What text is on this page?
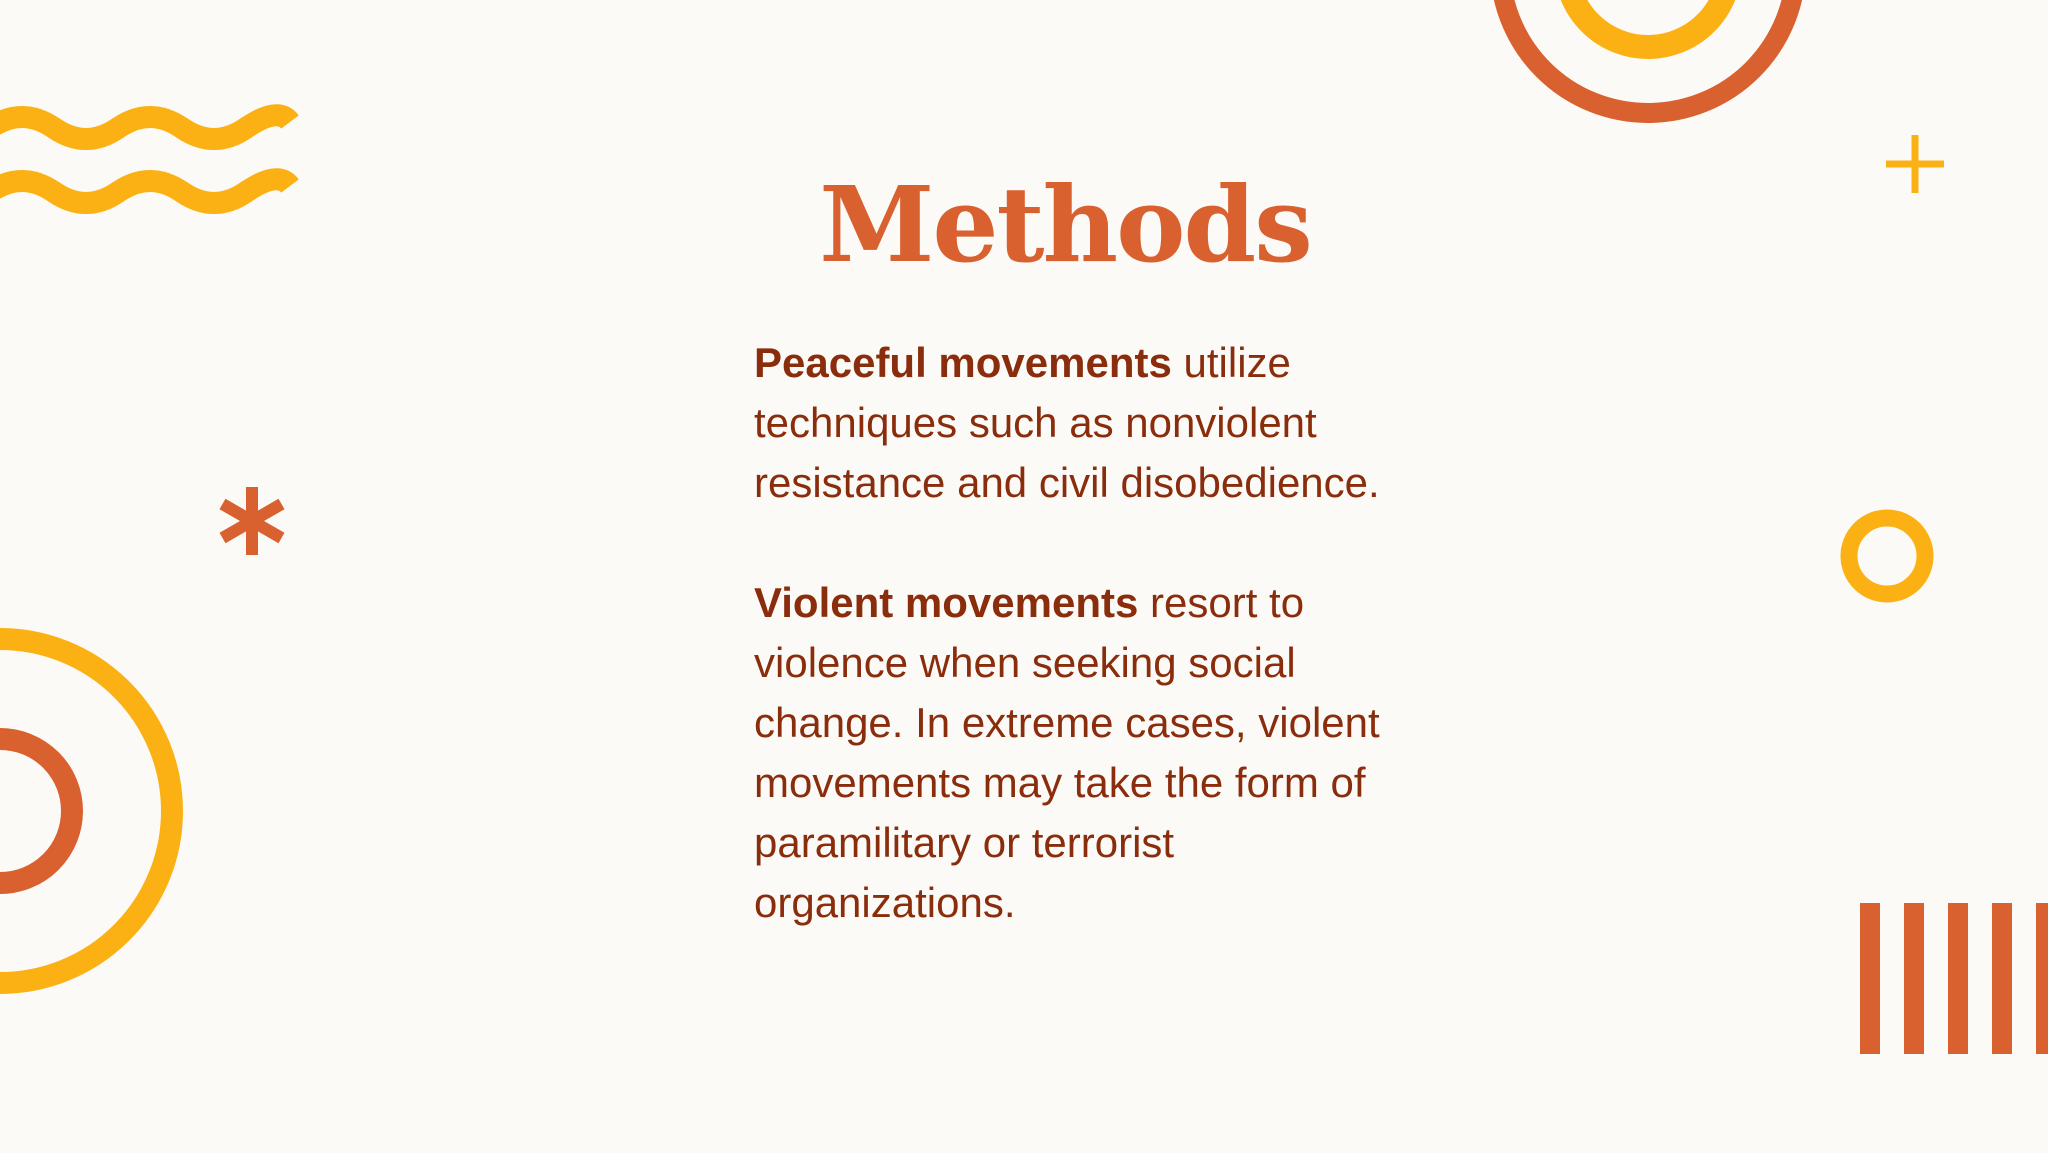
Methods

Peaceful movements utilize techniques such as nonviolent resistance and civil disobedience.

Violent movements resort to violence when seeking social change. In extreme cases, violent movements may take the form of paramilitary or terrorist organizations.
